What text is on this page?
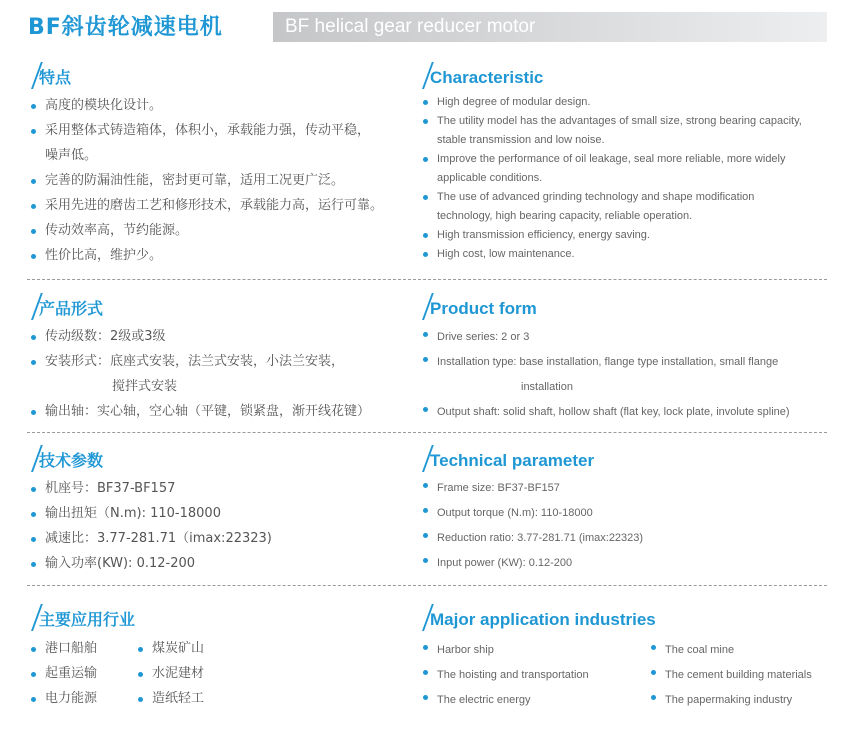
BF斜齿轮减速电机	BF helical gear reducer motor
特点	Characteristic
高度的模块化设计。
采用整体式铸造箱体，体积小，承载能力强，传动平稳，
噪声低。
完善的防漏油性能，密封更可靠，适用工况更广泛。
采用先进的磨齿工艺和修形技术，承载能力高，运行可靠。
传动效率高，节约能源。
性价比高，维护少。
High degree of modular design.
The utility model has the advantages of small size, strong bearing capacity,
stable transmission and low noise.
Improve the performance of oil leakage, seal more reliable, more widely
applicable conditions.
The use of advanced grinding technology and shape modification
technology, high bearing capacity, reliable operation.
High transmission efficiency, energy saving.
High cost, low maintenance.
产品形式	Product form
传动级数：2级或3级
安装形式：底座式安装，法兰式安装，小法兰安装，
搅拌式安装
输出轴：实心轴，空心轴（平键，锁紧盘，渐开线花键）
Drive series: 2 or 3
Installation type: base installation, flange type installation, small flange
installation
Output shaft: solid shaft, hollow shaft (flat key, lock plate, involute spline)
技术参数	Technical parameter
机座号：BF37-BF157
输出扭矩（N.m): 110-18000
减速比：3.77-281.71（imax:22323)
输入功率(KW): 0.12-200
Frame size: BF37-BF157
Output torque (N.m): 110-18000
Reduction ratio: 3.77-281.71 (imax:22323)
Input power (KW): 0.12-200
主要应用行业	Major application industries
港口船舶
起重运输
电力能源
煤炭矿山
水泥建材
造纸轻工
Harbor ship
The hoisting and transportation
The electric energy
The coal mine
The cement building materials
The papermaking industry
